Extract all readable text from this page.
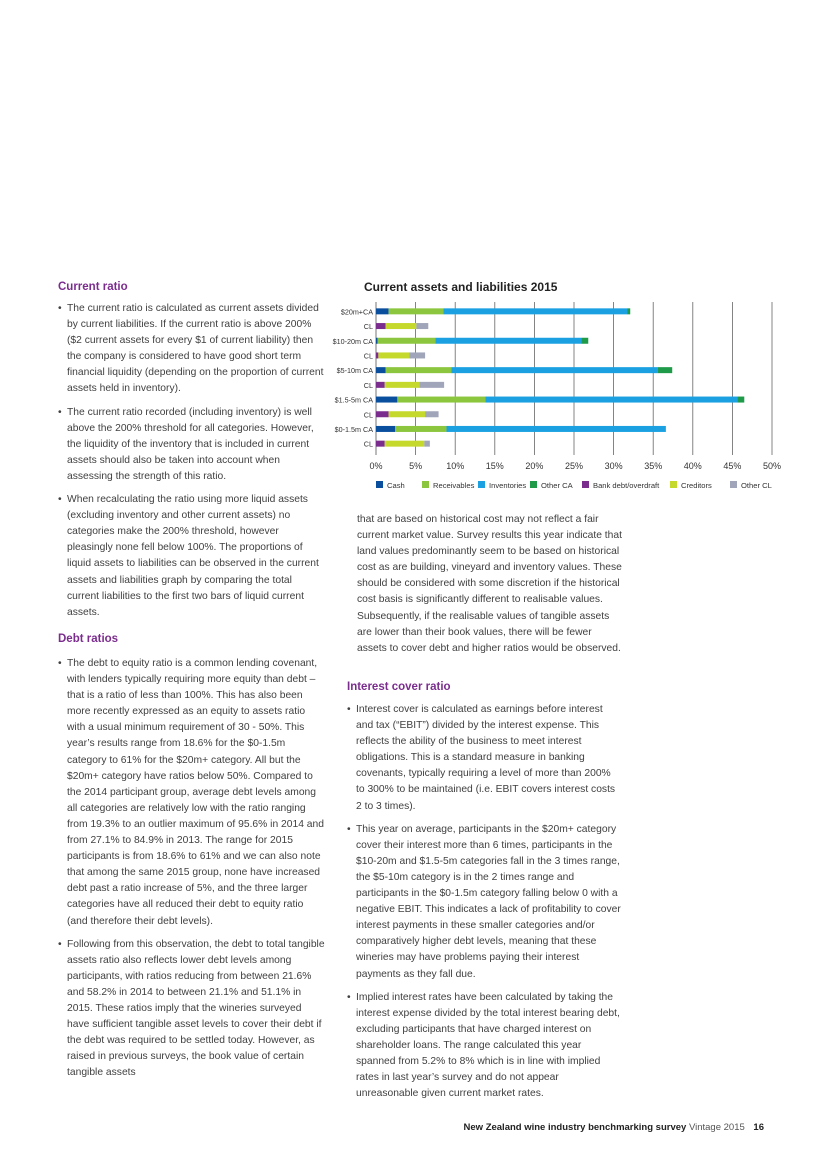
Current ratio
• The current ratio is calculated as current assets divided by current liabilities. If the current ratio is above 200% ($2 current assets for every $1 of current liability) then the company is considered to have good short term financial liquidity (depending on the proportion of current assets held in inventory).
• The current ratio recorded (including inventory) is well above the 200% threshold for all categories. However, the liquidity of the inventory that is included in current assets should also be taken into account when assessing the strength of this ratio.
• When recalculating the ratio using more liquid assets (excluding inventory and other current assets) no categories make the 200% threshold, however pleasingly none fell below 100%. The proportions of liquid assets to liabilities can be observed in the current assets and liabilities graph by comparing the total current liabilities to the first two bars of liquid current assets.
Debt ratios
• The debt to equity ratio is a common lending covenant, with lenders typically requiring more equity than debt – that is a ratio of less than 100%. This has also been more recently expressed as an equity to assets ratio with a usual minimum requirement of 30 - 50%. This year’s results range from 18.6% for the $0-1.5m category to 61% for the $20m+ category. All but the $20m+ category have ratios below 50%. Compared to the 2014 participant group, average debt levels among all categories are relatively low with the ratio ranging from 19.3% to an outlier maximum of 95.6% in 2014 and from 27.1% to 84.9% in 2013. The range for 2015 participants is from 18.6% to 61% and we can also note that among the same 2015 group, none have increased debt past a ratio increase of 5%, and the three larger categories have all reduced their debt to equity ratio (and therefore their debt levels).
• Following from this observation, the debt to total tangible assets ratio also reflects lower debt levels among participants, with ratios reducing from between 21.6% and 58.2% in 2014 to between 21.1% and 51.1% in 2015. These ratios imply that the wineries surveyed have sufficient tangible asset levels to cover their debt if the debt was required to be settled today. However, as raised in previous surveys, the book value of certain tangible assets
Current assets and liabilities 2015
0%	5%	10% 15% 20% 25% 30% 35% 40% 45% 50%
$20m+CA
CL
$10-20m CA
CL
$5-10m CA
CL
$1.5-5m CA
CL
$0-1.5m CA
CL
Cash	Receivables Inventories Other CA	Bank debt/overdraft	Creditors	Other CL

that are based on historical cost may not reflect a fair current market value. Survey results this year indicate that land values predominantly seem to be based on historical cost as are building, vineyard and inventory values. These should be considered with some discretion if the historical cost basis is significantly different to realisable values. Subsequently, if the realisable values of tangible assets are lower than their book values, there will be fewer assets to cover debt and higher ratios would be observed.

Interest cover ratio
• Interest cover is calculated as earnings before interest and tax (“EBIT”) divided by the interest expense. This reflects the ability of the business to meet interest obligations. This is a standard measure in banking covenants, typically requiring a level of more than 200% to 300% to be maintained (i.e. EBIT covers interest costs 2 to 3 times).
• This year on average, participants in the $20m+ category cover their interest more than 6 times, participants in the $10-20m and $1.5-5m categories fall in the 3 times range, the $5-10m category is in the 2 times range and participants in the $0-1.5m category falling below 0 with a negative EBIT. This indicates a lack of profitability to cover interest payments in these smaller categories and/or comparatively higher debt levels, meaning that these wineries may have problems paying their interest payments as they fall due.
• Implied interest rates have been calculated by taking the interest expense divided by the total interest bearing debt, excluding participants that have charged interest on shareholder loans. The range calculated this year spanned from 5.2% to 8% which is in line with implied rates in last year’s survey and do not appear unreasonable given current market rates.
New Zealand wine industry benchmarking survey Vintage 2015 16
